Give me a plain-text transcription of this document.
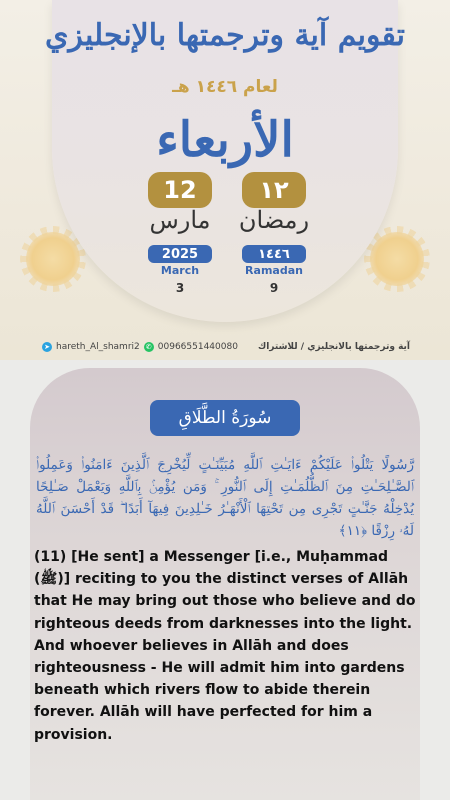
تقويم آية وترجمتها بالإنجليزي
لعام ١٤٤٦ هـ
الأربعاء
١٢
رمضان
١٤٤٦
Ramadan
9
12
مارس
2025
March
3
➤ hareth_Al_shamri2 ✆ 00966551440080 آية وترجمتها بالانجليزي / للاشتراك
سُورَةُ الطَّلَاقِ
رَّسُولًا يَتْلُوا۟ عَلَيْكُمْ ءَايَـٰتِ ٱللَّهِ مُبَيِّنَـٰتٍ لِّيُخْرِجَ ٱلَّذِينَ ءَامَنُوا۟ وَعَمِلُوا۟ ٱلصَّـٰلِحَـٰتِ مِنَ ٱلظُّلُمَـٰتِ إِلَى ٱلنُّورِ ۚ وَمَن يُؤْمِنۢ بِٱللَّهِ وَيَعْمَلْ صَـٰلِحًا يُدْخِلْهُ جَنَّـٰتٍ تَجْرِى مِن تَحْتِهَا ٱلْأَنْهَـٰرُ خَـٰلِدِينَ فِيهَآ أَبَدًا ۖ قَدْ أَحْسَنَ ٱللَّهُ لَهُۥ رِزْقًا ﴿١١﴾
(11) [He sent] a Messenger [i.e., Muḥammad (ﷺ)] reciting to you the distinct verses of Allāh that He may bring out those who believe and do righteous deeds from darknesses into the light. And whoever believes in Allāh and does righteousness - He will admit him into gardens beneath which rivers flow to abide therein forever. Allāh will have perfected for him a provision.
